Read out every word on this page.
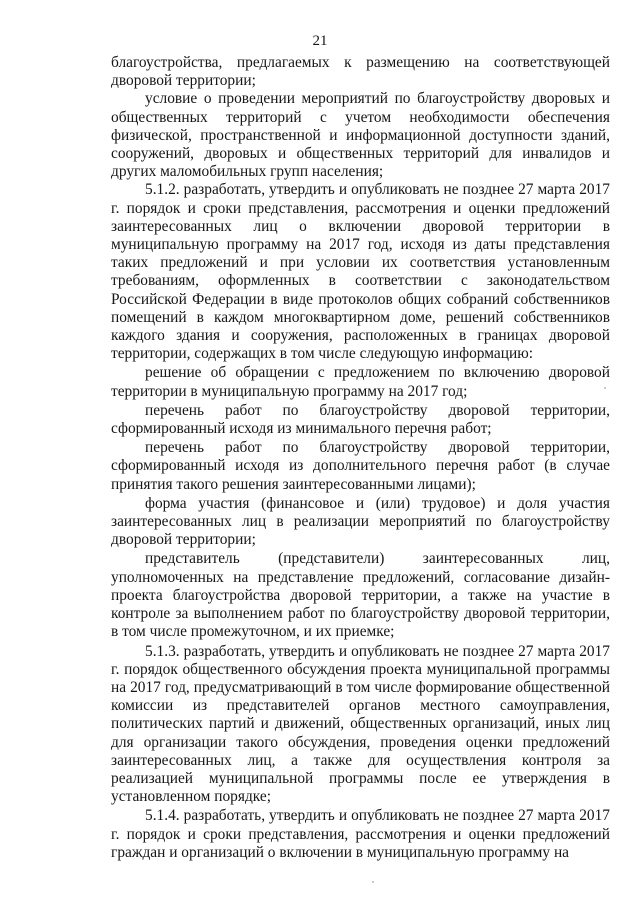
21

благоустройства, предлагаемых к размещению на соответствующей дворовой территории;

условие о проведении мероприятий по благоустройству дворовых и общественных территорий с учетом необходимости обеспечения физической, пространственной и информационной доступности зданий, сооружений, дворовых и общественных территорий для инвалидов и других маломобильных групп населения;

5.1.2. разработать, утвердить и опубликовать не позднее 27 марта 2017 г. порядок и сроки представления, рассмотрения и оценки предложений заинтересованных лиц о включении дворовой территории в муниципальную программу на 2017 год, исходя из даты представления таких предложений и при условии их соответствия установленным требованиям, оформленных в соответствии с законодательством Российской Федерации в виде протоколов общих собраний собственников помещений в каждом многоквартирном доме, решений собственников каждого здания и сооружения, расположенных в границах дворовой территории, содержащих в том числе следующую информацию:

решение об обращении с предложением по включению дворовой территории в муниципальную программу на 2017 год;

перечень работ по благоустройству дворовой территории, сформированный исходя из минимального перечня работ;

перечень работ по благоустройству дворовой территории, сформированный исходя из дополнительного перечня работ (в случае принятия такого решения заинтересованными лицами);

форма участия (финансовое и (или) трудовое) и доля участия заинтересованных лиц в реализации мероприятий по благоустройству дворовой территории;

представитель (представители) заинтересованных лиц, уполномоченных на представление предложений, согласование дизайн-проекта благоустройства дворовой территории, а также на участие в контроле за выполнением работ по благоустройству дворовой территории, в том числе промежуточном, и их приемке;

5.1.3. разработать, утвердить и опубликовать не позднее 27 марта 2017 г. порядок общественного обсуждения проекта муниципальной программы на 2017 год, предусматривающий в том числе формирование общественной комиссии из представителей органов местного самоуправления, политических партий и движений, общественных организаций, иных лиц для организации такого обсуждения, проведения оценки предложений заинтересованных лиц, а также для осуществления контроля за реализацией муниципальной программы после ее утверждения в установленном порядке;

5.1.4. разработать, утвердить и опубликовать не позднее 27 марта 2017 г. порядок и сроки представления, рассмотрения и оценки предложений граждан и организаций о включении в муниципальную программу на
